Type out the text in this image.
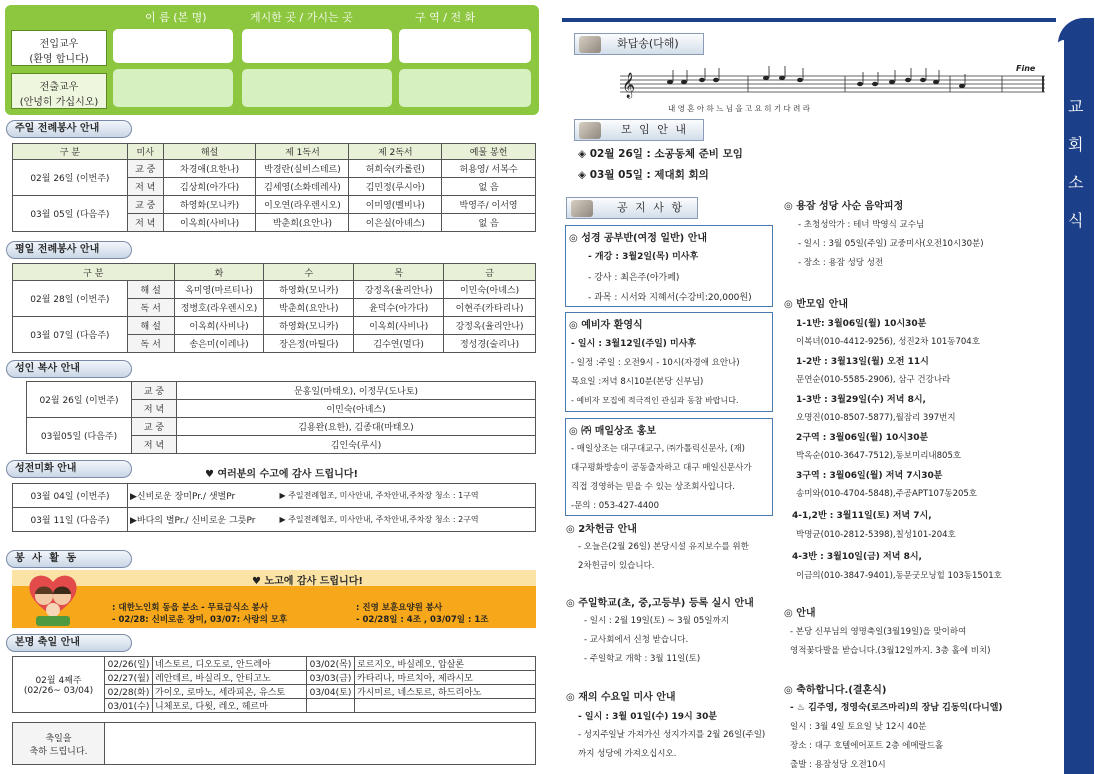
이 름 (본 명)	게시한 곳 / 가시는 곳	구 역 / 전 화
전입교우
(환영 합니다)
전출교우
(안녕히 가십시오)
주일 전례봉사 안내
구 분	미사	해설	제 1독서	제 2독서	예물 봉헌
02월 26일 (이번주)	교 중	차경애(요한나)	박경란(실비스테르)	허희숙(카롤린)	허용영/ 서복수
	저 녁	김상희(아가다)	김세영(소화데레사)	김민정(루시아)	없 음
03월 05일 (다음주)	교 중	하영화(모니카)	이오연(라우렌시오)	이미영(벨비나)	박영주/ 이서영
	저 녁	이옥희(사비나)	박춘희(요안나)	이은실(아녜스)	없 음
평일 전례봉사 안내
구 분		화	수	목	금
02월 28일 (이번주)	해 설	옥미영(마르티나)	하영화(모니카)	강정옥(율리안나)	이민숙(아녜스)
	독 서	정병호(라우렌시오)	박춘희(요안나)	윤덕수(아가다)	이현주(카타리나)
03월 07일 (다음주)	해 설	이옥희(사비나)	하영화(모니카)	이옥희(사비나)	강정옥(율리안나)
	독 서	송은미(이레나)	장은정(마틸다)	김수연(멀다)	정성경(술리나)
성인 복사 안내
02월 26일 (이번주)	교 중	문홍일(마태오), 이정무(도나토)
	저 녁	이민숙(아녜스)
03월05일 (다음주)	교 중	김용완(요한), 김종대(마태오)
	저 녁	김인숙(루시)
성전미화 안내
♥ 여러분의 수고에 감사 드립니다!
03월 04일 (이번주)	▶신비로운 장미Pr./ 샛별Pr	▶ 주일전례협조, 미사안내, 주차안내,주차장 청소 : 1구역
03월 11일 (다음주)	▶바다의 별Pr./ 신비로운 그릇Pr	▶ 주일전례협조, 미사안내, 주차안내,주차장 청소 : 2구역
봉 사 활 동
♥ 노고에 감사 드립니다!
: 대한노인회 동읍 분소 - 무료급식소 봉사
- 02/28: 신비로운 장미, 03/07: 사랑의 모후
: 진영 보훈요양원 봉사
- 02/28일 : 4조 , 03/07일 : 1조
본명 축일 안내
02월 4째주
(02/26~ 03/04)	02/26(일)	네스토르, 디오도로, 안드레아	03/02(목)	로르지오, 바실레오, 압살론
	02/27(월)	레안데르, 바실리오, 안티고노	03/03(금)	카타리나, 마르치아, 제라시모
	02/28(화)	가이오, 로마노, 세라피온, 유스토	03/04(토)	가시미르, 네스토르, 하드리아노
	03/01(수)	니체포로, 다윗, 레오, 헤르마		
축일을
축하 드립니다.

교
회
소
식
화답송(다해)
𝄞
Fine
내 영 혼 아 하 느 님 을 고 요 히 기 다 려 라
모 임 안 내
◈ 02월 26일 : 소공동체 준비 모임
◈ 03월 05일 : 제대회 회의
공 지 사 항
◎ 성경 공부반(여정 일반) 안내
- 개강 : 3월2일(목) 미사후
- 강사 : 최은주(아가페)
- 과목 : 시서와 지혜서(수강비:20,000원)
◎ 예비자 환영식
- 일시 : 3월12일(주일) 미사후
- 일정 :주일 : 오전9시 - 10시(자경애 요안나)
목요일 :저녁 8시10분(본당 신부님)
- 예비자 모집에 적극적인 관심과 동참 바랍니다.
◎ ㈜ 매일상조 홍보
- 매일상조는 대구대교구, ㈜가톨릭신문사, (재)
대구평화방송이 공동출자하고 대구 매일신문사가
직접 경영하는 믿을 수 있는 상조회사입니다.
-문의 : 053-427-4400
◎ 2차헌금 안내
- 오늘은(2월 26일) 본당시설 유지보수를 위한
2차헌금이 있습니다.
◎ 주일학교(초, 중,고등부) 등록 실시 안내
- 일시 : 2월 19일(토) ~ 3월 05일까지
- 교사회에서 신청 받습니다.
- 주일학교 개학 : 3월 11일(토)
◎ 재의 수요일 미사 안내
- 일시 : 3월 01일(수) 19시 30분
- 성지주일날 가져가신 성지가지를 2월 26일(주일)
까지 성당에 가져오십시오.
◎ 용잠 성당 사순 음악피정
- 초청성악가 : 테너 박영식 교수님
- 일시 : 3월 05일(주일) 교중미사(오전10시30분)
- 장소 : 용잠 성당 성전
◎ 반모임 안내
1-1반: 3월06일(월) 10시30분
이복녀(010-4412-9256), 성진2차 101동704호
1-2반 : 3월13일(월) 오전 11시
문연순(010-5585-2906), 삼구 건강나라
1-3반 : 3월29일(수) 저녁 8시,
오명진(010-8507-5877),월잠리 397번지
2구역 : 3월06일(월) 10시30분
박옥순(010-3647-7512),동보미리내805호
3구역 : 3월06일(월) 저녁 7시30분
송미와(010-4704-5848),주공APT107동205호
4-1,2반 : 3월11일(토) 저녁 7시,
박명균(010-2812-5398),칠성101-204호
4-3반 : 3월10일(금) 저녁 8시,
이금의(010-3847-9401),동문굿모닝힐 103동1501호
◎ 안내
- 본당 신부님의 영명축일(3월19일)을 맞이하여
영적꽃다발을 받습니다.(3월12일까지. 3층 홀에 비치)
◎ 축하합니다.(결혼식)
- ♨ 김주영, 정영숙(로즈마리)의 장남 김동익(다니엘)
일시 : 3월 4일 토요일 낮 12시 40분
장소 : 대구 호텔에어포트 2층 에메랄드홀
출발 : 용잠성당 오전10시
